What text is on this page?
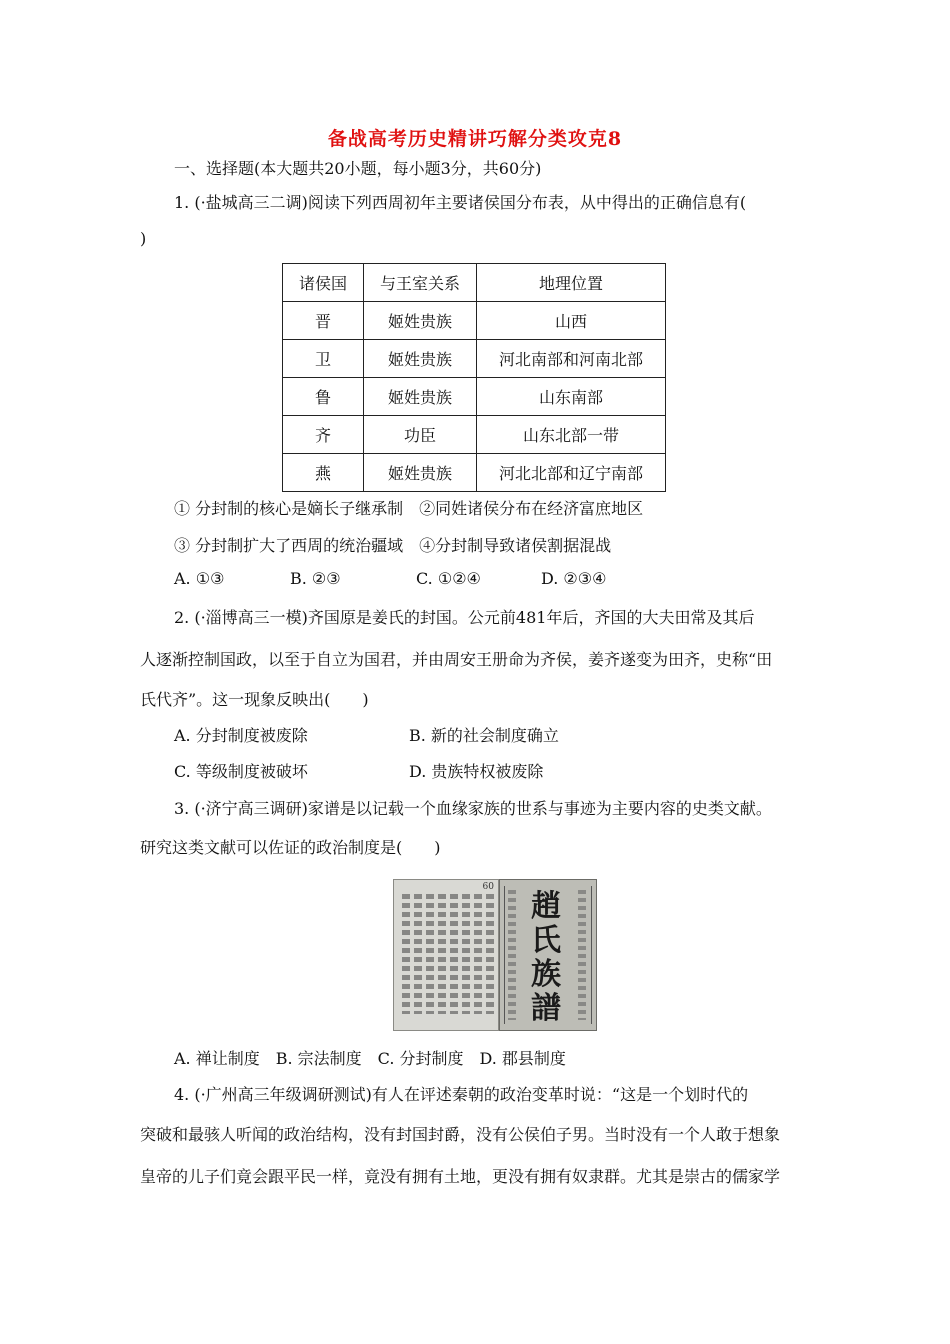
备战高考历史精讲巧解分类攻克8
一、选择题(本大题共20小题，每小题3分，共60分)
1. (·盐城高三二调)阅读下列西周初年主要诸侯国分布表，从中得出的正确信息有(
)
诸侯国	与王室关系	地理位置
晋	姬姓贵族	山西
卫	姬姓贵族	河北南部和河南北部
鲁	姬姓贵族	山东南部
齐	功臣	山东北部一带
燕	姬姓贵族	河北北部和辽宁南部
① 分封制的核心是嫡长子继承制　②同姓诸侯分布在经济富庶地区
③ 分封制扩大了西周的统治疆域　④分封制导致诸侯割据混战
A. ①③	B. ②③	C. ①②④	D. ②③④
2. (·淄博高三一模)齐国原是姜氏的封国。公元前481年后，齐国的大夫田常及其后
人逐渐控制国政，以至于自立为国君，并由周安王册命为齐侯，姜齐遂变为田齐，史称“田
氏代齐”。这一现象反映出(　　)
A. 分封制度被废除	B. 新的社会制度确立
C. 等级制度被破坏	D. 贵族特权被废除
3. (·济宁高三调研)家谱是以记载一个血缘家族的世系与事迹为主要内容的史类文献。
研究这类文献可以佐证的政治制度是(　　)
60
趙氏族譜
A. 禅让制度　B. 宗法制度　C. 分封制度　D. 郡县制度
4. (·广州高三年级调研测试)有人在评述秦朝的政治变革时说：“这是一个划时代的
突破和最骇人听闻的政治结构，没有封国封爵，没有公侯伯子男。当时没有一个人敢于想象
皇帝的儿子们竟会跟平民一样，竟没有拥有土地，更没有拥有奴隶群。尤其是崇古的儒家学
